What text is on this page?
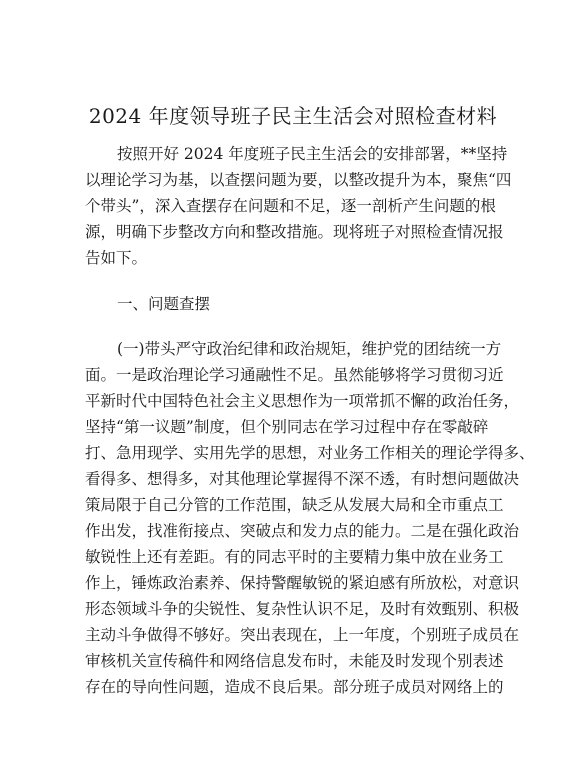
2024 年度领导班子民主生活会对照检查材料
按照开好 2024 年度班子民主生活会的安排部署，**坚持
以理论学习为基，以查摆问题为要，以整改提升为本，聚焦“四
个带头”，深入查摆存在问题和不足，逐一剖析产生问题的根
源，明确下步整改方向和整改措施。现将班子对照检查情况报
告如下。
一、问题查摆
(一)带头严守政治纪律和政治规矩，维护党的团结统一方
面。一是政治理论学习通融性不足。虽然能够将学习贯彻习近
平新时代中国特色社会主义思想作为一项常抓不懈的政治任务，
坚持“第一议题”制度，但个别同志在学习过程中存在零敲碎
打、急用现学、实用先学的思想，对业务工作相关的理论学得多、
看得多、想得多，对其他理论掌握得不深不透，有时想问题做决
策局限于自己分管的工作范围，缺乏从发展大局和全市重点工
作出发，找准衔接点、突破点和发力点的能力。二是在强化政治
敏锐性上还有差距。有的同志平时的主要精力集中放在业务工
作上，锤炼政治素养、保持警醒敏锐的紧迫感有所放松，对意识
形态领域斗争的尖锐性、复杂性认识不足，及时有效甄别、积极
主动斗争做得不够好。突出表现在，上一年度，个别班子成员在
审核机关宣传稿件和网络信息发布时，未能及时发现个别表述
存在的导向性问题，造成不良后果。部分班子成员对网络上的
